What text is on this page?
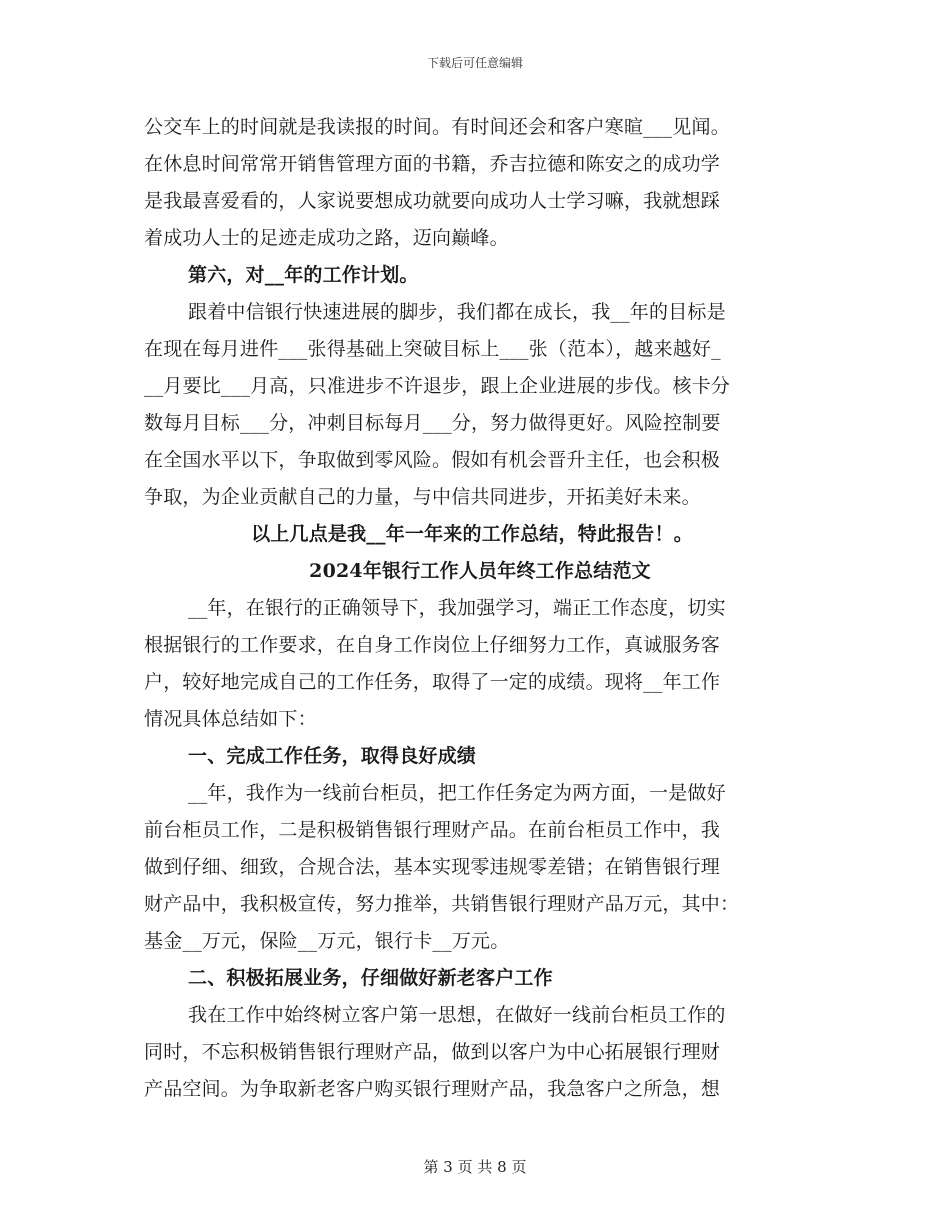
下载后可任意编辑
公交车上的时间就是我读报的时间。有时间还会和客户寒暄___见闻。
在休息时间常常开销售管理方面的书籍，乔吉拉德和陈安之的成功学
是我最喜爱看的，人家说要想成功就要向成功人士学习嘛，我就想踩
着成功人士的足迹走成功之路，迈向巅峰。
第六，对__年的工作计划。
跟着中信银行快速进展的脚步，我们都在成长，我__年的目标是
在现在每月进件___张得基础上突破目标上___张（范本），越来越好_
__月要比___月高，只准进步不许退步，跟上企业进展的步伐。核卡分
数每月目标___分，冲刺目标每月___分，努力做得更好。风险控制要
在全国水平以下，争取做到零风险。假如有机会晋升主任，也会积极
争取，为企业贡献自己的力量，与中信共同进步，开拓美好未来。
以上几点是我__年一年来的工作总结，特此报告！。
2024年银行工作人员年终工作总结范文
__年，在银行的正确领导下，我加强学习，端正工作态度，切实
根据银行的工作要求，在自身工作岗位上仔细努力工作，真诚服务客
户，较好地完成自己的工作任务，取得了一定的成绩。现将__年工作
情况具体总结如下：
一、完成工作任务，取得良好成绩
__年，我作为一线前台柜员，把工作任务定为两方面，一是做好
前台柜员工作，二是积极销售银行理财产品。在前台柜员工作中，我
做到仔细、细致，合规合法，基本实现零违规零差错；在销售银行理
财产品中，我积极宣传，努力推举，共销售银行理财产品万元，其中：
基金__万元，保险__万元，银行卡__万元。
二、积极拓展业务，仔细做好新老客户工作
我在工作中始终树立客户第一思想，在做好一线前台柜员工作的
同时，不忘积极销售银行理财产品，做到以客户为中心拓展银行理财
产品空间。为争取新老客户购买银行理财产品，我急客户之所急，想
第 3 页 共 8 页
